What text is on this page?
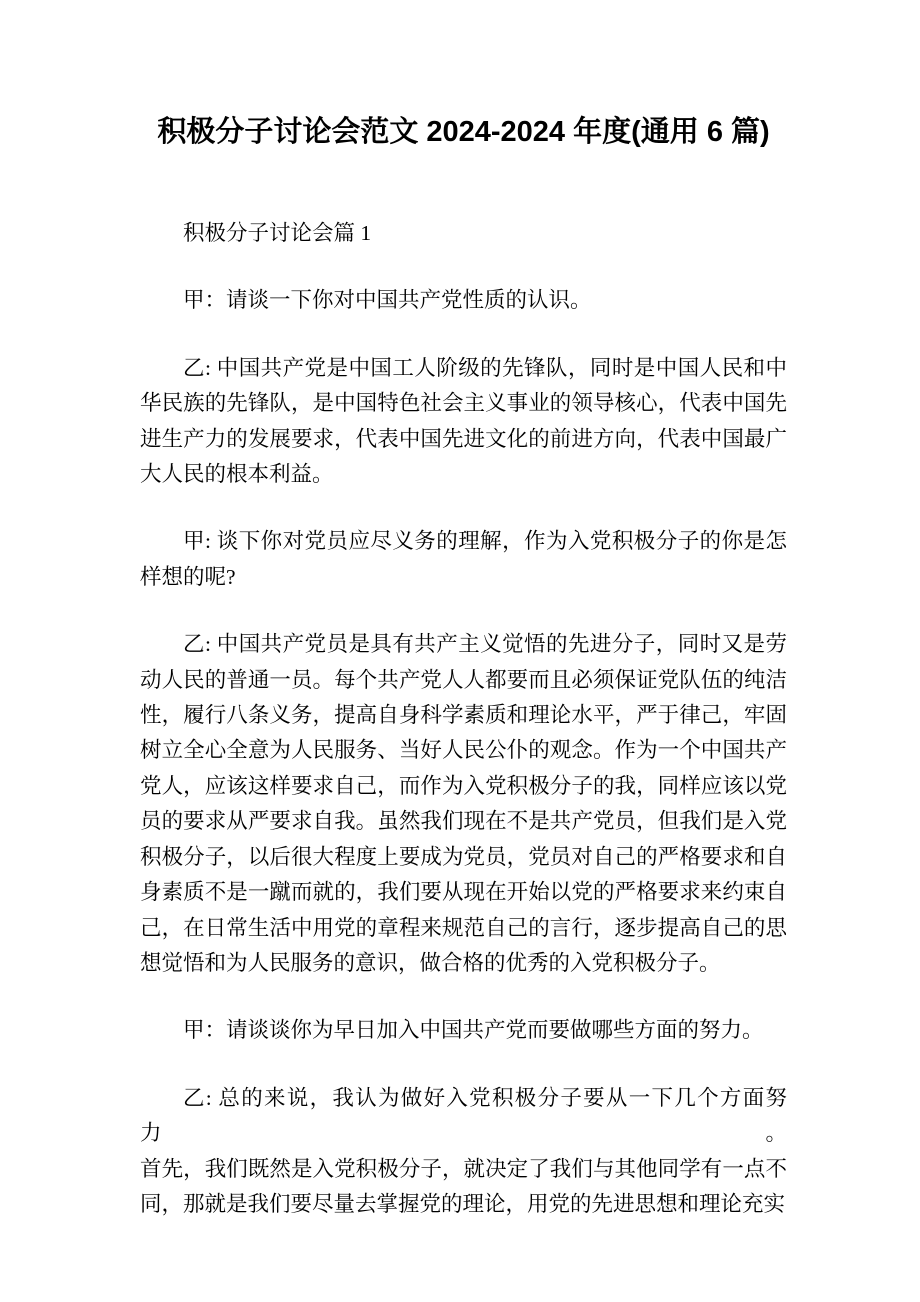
积极分子讨论会范文 2024-2024 年度(通用 6 篇)
积极分子讨论会篇 1
甲：请谈一下你对中国共产党性质的认识。
乙: 中国共产党是中国工人阶级的先锋队，同时是中国人民和中
华民族的先锋队，是中国特色社会主义事业的领导核心，代表中国先
进生产力的发展要求，代表中国先进文化的前进方向，代表中国最广
大人民的根本利益。
甲: 谈下你对党员应尽义务的理解，作为入党积极分子的你是怎
样想的呢?
乙: 中国共产党员是具有共产主义觉悟的先进分子，同时又是劳
动人民的普通一员。每个共产党人人都要而且必须保证党队伍的纯洁
性，履行八条义务，提高自身科学素质和理论水平，严于律己，牢固
树立全心全意为人民服务、当好人民公仆的观念。作为一个中国共产
党人，应该这样要求自己，而作为入党积极分子的我，同样应该以党
员的要求从严要求自我。虽然我们现在不是共产党员，但我们是入党
积极分子，以后很大程度上要成为党员，党员对自己的严格要求和自
身素质不是一蹴而就的，我们要从现在开始以党的严格要求来约束自
己，在日常生活中用党的章程来规范自己的言行，逐步提高自己的思
想觉悟和为人民服务的意识，做合格的优秀的入党积极分子。
甲：请谈谈你为早日加入中国共产党而要做哪些方面的努力。
乙: 总的来说，我认为做好入党积极分子要从一下几个方面努力。
首先，我们既然是入党积极分子，就决定了我们与其他同学有一点不
同，那就是我们要尽量去掌握党的理论，用党的先进思想和理论充实
